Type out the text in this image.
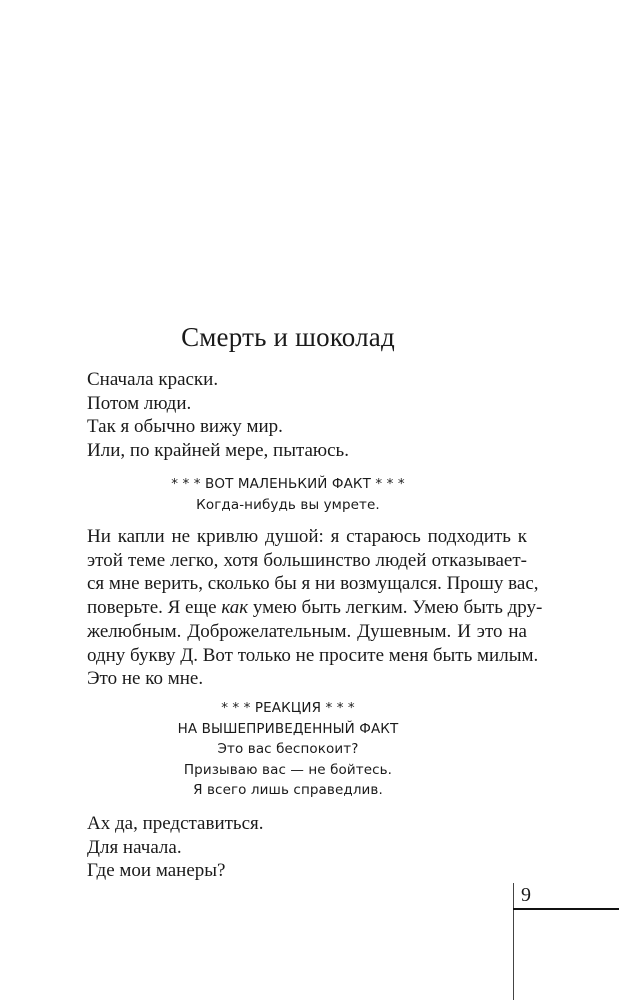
Смерть и шоколад
Сначала краски.
Потом люди.
Так я обычно вижу мир.
Или, по крайней мере, пытаюсь.
* * * ВОТ МАЛЕНЬКИЙ ФАКТ * * *
Когда-нибудь вы умрете.
Ни капли не кривлю душой: я стараюсь подходить к
этой теме легко, хотя большинство людей отказывает-
ся мне верить, сколько бы я ни возмущался. Прошу вас,
поверьте. Я еще как умею быть легким. Умею быть дру-
желюбным. Доброжелательным. Душевным. И это на
одну букву Д. Вот только не просите меня быть милым.
Это не ко мне.
* * * РЕАКЦИЯ * * *
НА ВЫШЕПРИВЕДЕННЫЙ ФАКТ
Это вас беспокоит?
Призываю вас — не бойтесь.
Я всего лишь справедлив.
Ах да, представиться.
Для начала.
Где мои манеры?
9
